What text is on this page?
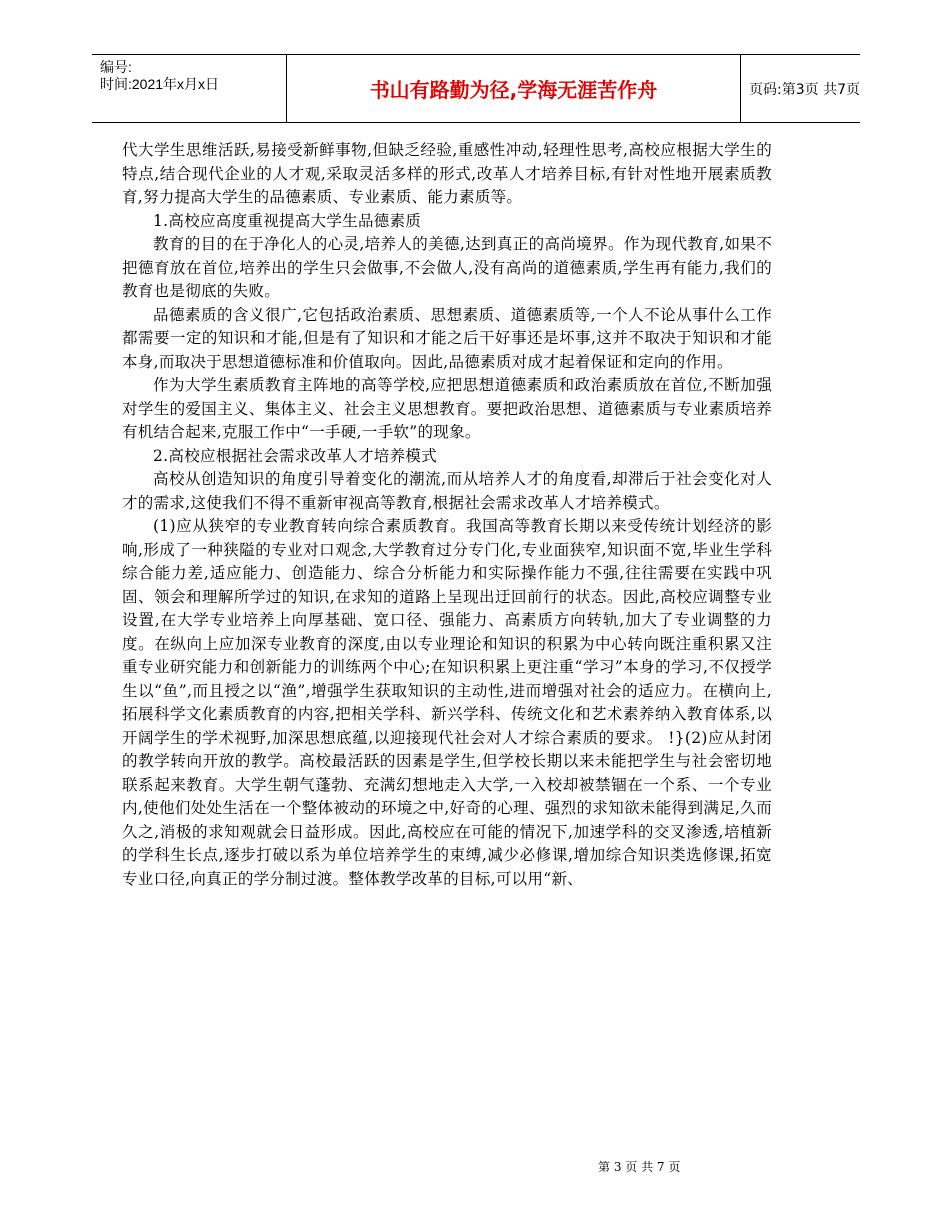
编号:
时间:2021年x月x日	书山有路勤为径,学海无涯苦作舟	页码:第3页 共7页

代大学生思维活跃,易接受新鲜事物,但缺乏经验,重感性冲动,轻理性思考,高校应根据大学生的特点,结合现代企业的人才观,采取灵活多样的形式,改革人才培养目标,有针对性地开展素质教育,努力提高大学生的品德素质、专业素质、能力素质等。

1.高校应高度重视提高大学生品德素质

教育的目的在于净化人的心灵,培养人的美德,达到真正的高尚境界。作为现代教育,如果不把德育放在首位,培养出的学生只会做事,不会做人,没有高尚的道德素质,学生再有能力,我们的教育也是彻底的失败。

品德素质的含义很广,它包括政治素质、思想素质、道德素质等,一个人不论从事什么工作都需要一定的知识和才能,但是有了知识和才能之后干好事还是坏事,这并不取决于知识和才能本身,而取决于思想道德标准和价值取向。因此,品德素质对成才起着保证和定向的作用。

作为大学生素质教育主阵地的高等学校,应把思想道德素质和政治素质放在首位,不断加强对学生的爱国主义、集体主义、社会主义思想教育。要把政治思想、道德素质与专业素质培养有机结合起来,克服工作中“一手硬,一手软”的现象。

2.高校应根据社会需求改革人才培养模式

高校从创造知识的角度引导着变化的潮流,而从培养人才的角度看,却滞后于社会变化对人才的需求,这使我们不得不重新审视高等教育,根据社会需求改革人才培养模式。

(1)应从狭窄的专业教育转向综合素质教育。我国高等教育长期以来受传统计划经济的影响,形成了一种狭隘的专业对口观念,大学教育过分专门化,专业面狭窄,知识面不宽,毕业生学科综合能力差,适应能力、创造能力、综合分析能力和实际操作能力不强,往往需要在实践中巩固、领会和理解所学过的知识,在求知的道路上呈现出迂回前行的状态。因此,高校应调整专业设置,在大学专业培养上向厚基础、宽口径、强能力、高素质方向转轨,加大了专业调整的力度。在纵向上应加深专业教育的深度,由以专业理论和知识的积累为中心转向既注重积累又注重专业研究能力和创新能力的训练两个中心;在知识积累上更注重“学习”本身的学习,不仅授学生以“鱼”,而且授之以“渔”,增强学生获取知识的主动性,进而增强对社会的适应力。在横向上,拓展科学文化素质教育的内容,把相关学科、新兴学科、传统文化和艺术素养纳入教育体系,以开阔学生的学术视野,加深思想底蕴,以迎接现代社会对人才综合素质的要求。 !}(2)应从封闭的教学转向开放的教学。高校最活跃的因素是学生,但学校长期以来未能把学生与社会密切地联系起来教育。大学生朝气蓬勃、充满幻想地走入大学,一入校却被禁锢在一个系、一个专业内,使他们处处生活在一个整体被动的环境之中,好奇的心理、强烈的求知欲未能得到满足,久而久之,消极的求知观就会日益形成。因此,高校应在可能的情况下,加速学科的交叉渗透,培植新的学科生长点,逐步打破以系为单位培养学生的束缚,减少必修课,增加综合知识类选修课,拓宽专业口径,向真正的学分制过渡。整体教学改革的目标,可以用“新、

第 3 页 共 7 页
